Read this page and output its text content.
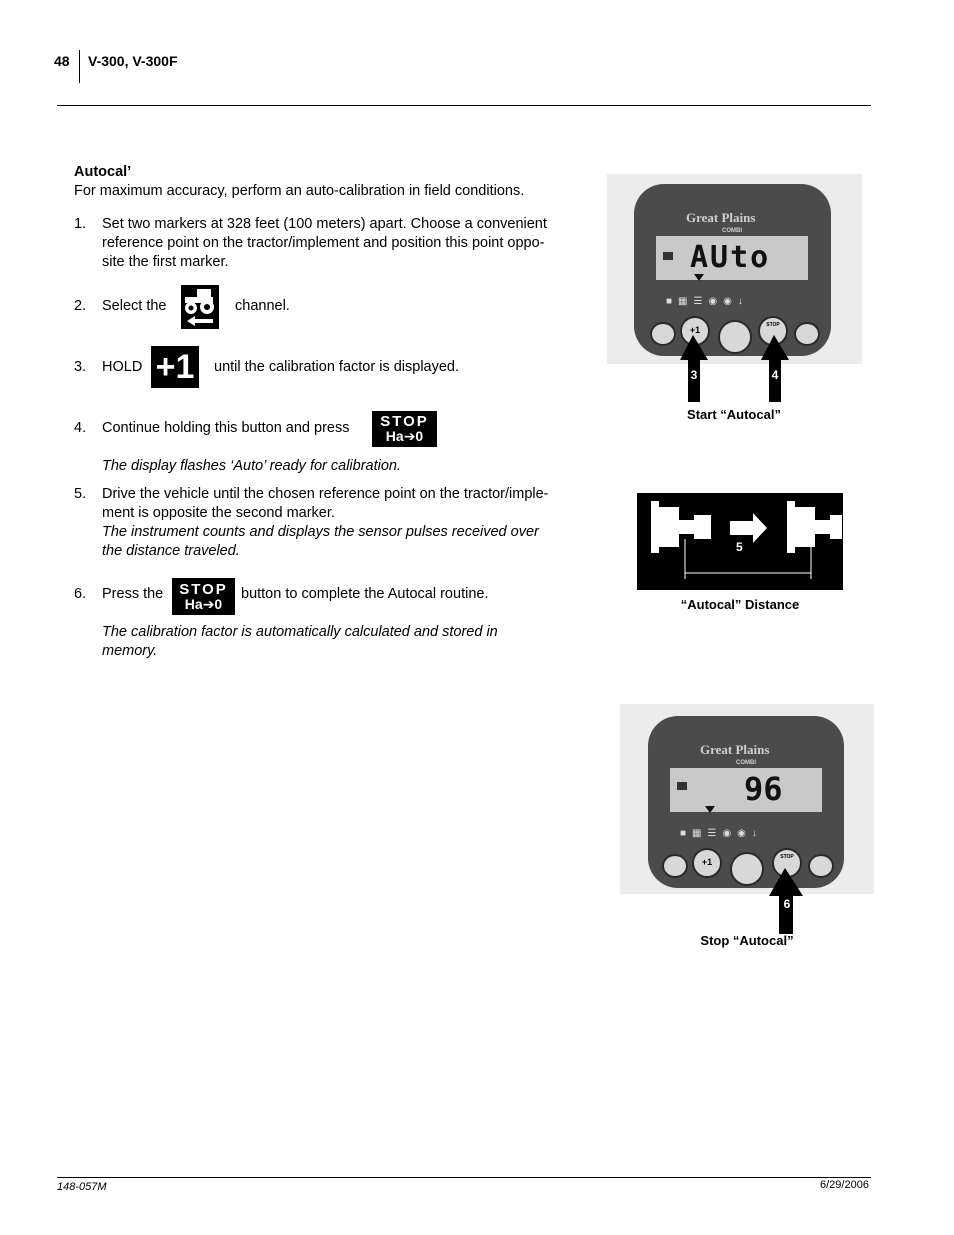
48 V-300, V-300F
Autocal’
For maximum accuracy, perform an auto-calibration in field conditions.
1. Set two markers at 328 feet (100 meters) apart. Choose a convenient
reference point on the tractor/implement and position this point oppo-
site the first marker.
2. Select the	channel.
3. HOLD +1	until the calibration factor is displayed.
4. Continue holding this button and press STOP
Ha ➔ 0
The display flashes ‘Auto’ ready for calibration.
5. Drive the vehicle until the chosen reference point on the tractor/imple-
ment is opposite the second marker.
The instrument counts and displays the sensor pulses received over
the distance traveled.
6. Press the STOP
Ha ➔ 0
button to complete the Autocal routine.
The calibration factor is automatically calculated and stored in
memory.
Great Plains
COMBI
AUto
■▦☰◉◉↓
+1	STOP
3	4
Start “Autocal”
5
“Autocal” Distance
Great Plains
COMBI
96
■▦☰◉◉↓
+1	STOP
6
Stop “Autocal”
148-057M	6/29/2006
